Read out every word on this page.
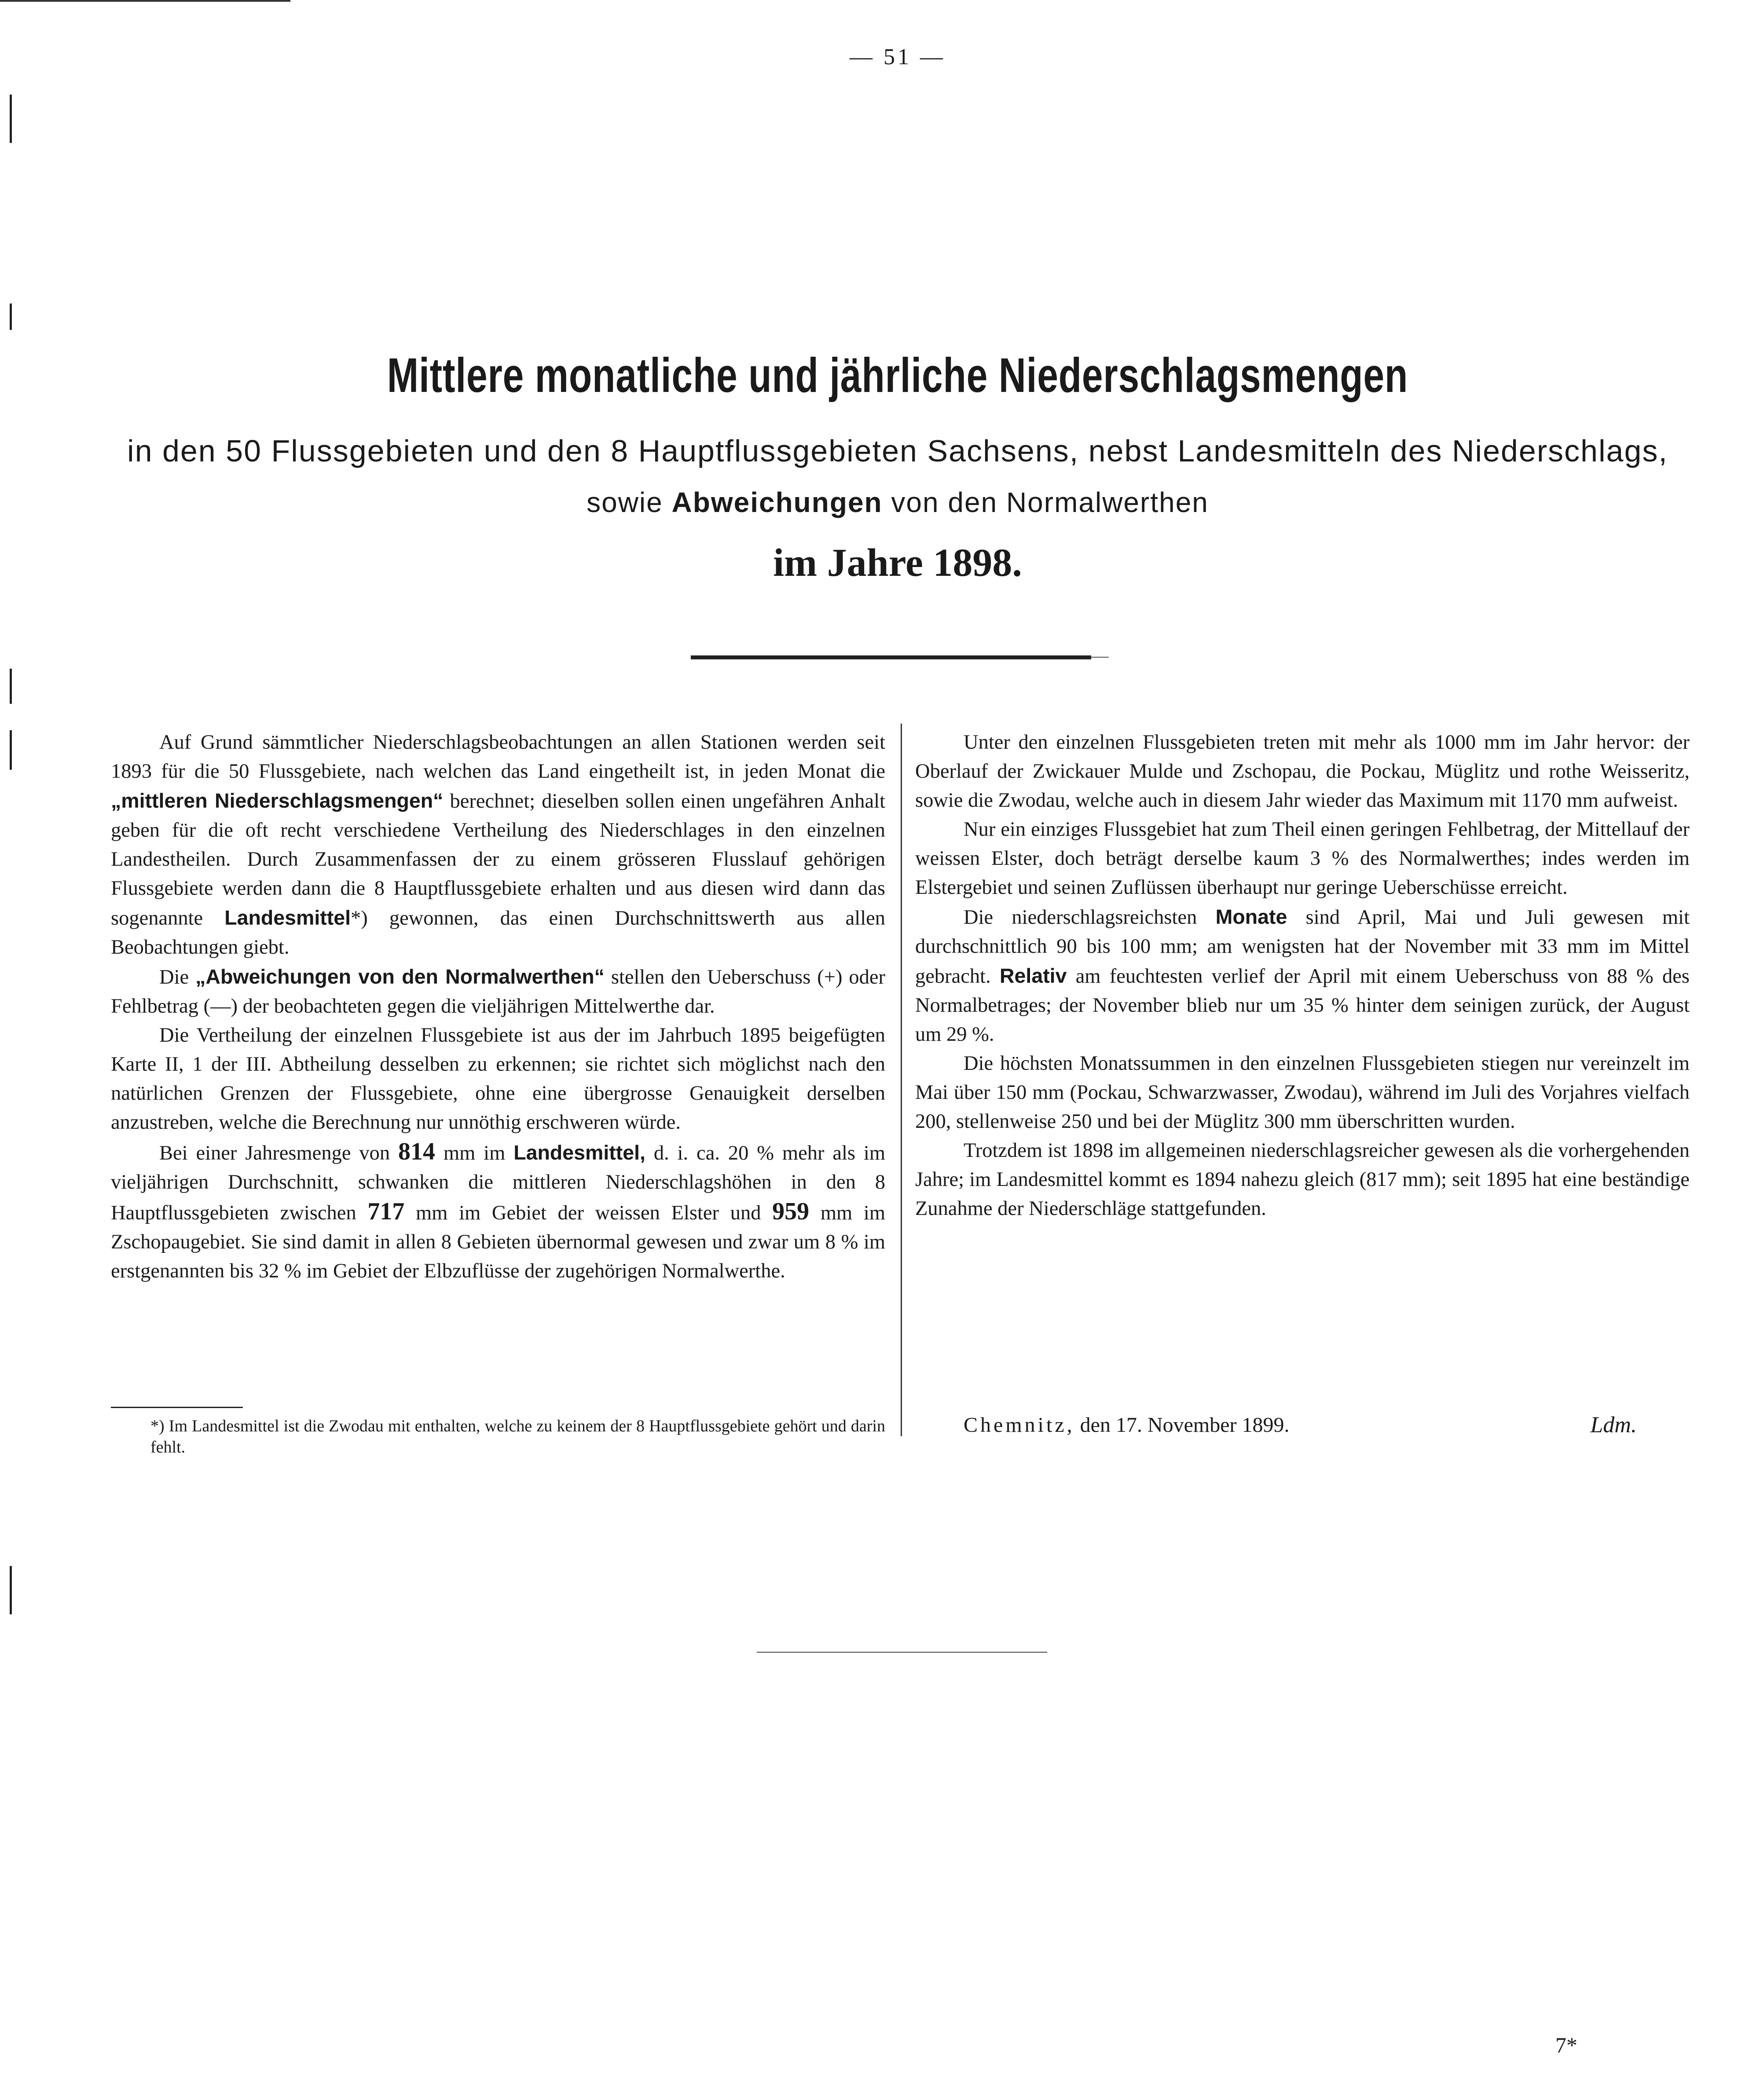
— 51 —
Mittlere monatliche und jährliche Niederschlagsmengen
in den 50 Flussgebieten und den 8 Hauptflussgebieten Sachsens, nebst Landesmitteln des Niederschlags,
sowie Abweichungen von den Normalwerthen
im Jahre 1898.

Auf Grund sämmtlicher Niederschlagsbeobachtungen an allen Stationen werden seit 1893 für die 50 Flussgebiete, nach welchen das Land eingetheilt ist, in jeden Monat die „mittleren Niederschlagsmengen“ berechnet; dieselben sollen einen ungefähren Anhalt geben für die oft recht verschiedene Vertheilung des Niederschlages in den einzelnen Landestheilen. Durch Zusammenfassen der zu einem grösseren Flusslauf gehörigen Flussgebiete werden dann die 8 Hauptflussgebiete erhalten und aus diesen wird dann das sogenannte Landesmittel*) gewonnen, das einen Durchschnittswerth aus allen Beobachtungen giebt.

Die „Abweichungen von den Normalwerthen“ stellen den Ueberschuss (+) oder Fehlbetrag (—) der beobachteten gegen die vieljährigen Mittelwerthe dar.

Die Vertheilung der einzelnen Flussgebiete ist aus der im Jahrbuch 1895 beigefügten Karte II, 1 der III. Abtheilung desselben zu erkennen; sie richtet sich möglichst nach den natürlichen Grenzen der Flussgebiete, ohne eine übergrosse Genauigkeit derselben anzustreben, welche die Berechnung nur unnöthig erschweren würde.

Bei einer Jahresmenge von 814 mm im Landesmittel, d. i. ca. 20 % mehr als im vieljährigen Durchschnitt, schwanken die mittleren Niederschlagshöhen in den 8 Hauptflussgebieten zwischen 717 mm im Gebiet der weissen Elster und 959 mm im Zschopaugebiet. Sie sind damit in allen 8 Gebieten übernormal gewesen und zwar um 8 % im erstgenannten bis 32 % im Gebiet der Elbzuflüsse der zugehörigen Normalwerthe.

*) Im Landesmittel ist die Zwodau mit enthalten, welche zu keinem der 8 Hauptflussgebiete gehört und darin fehlt.

Unter den einzelnen Flussgebieten treten mit mehr als 1000 mm im Jahr hervor: der Oberlauf der Zwickauer Mulde und Zschopau, die Pockau, Müglitz und rothe Weisseritz, sowie die Zwodau, welche auch in diesem Jahr wieder das Maximum mit 1170 mm aufweist.

Nur ein einziges Flussgebiet hat zum Theil einen geringen Fehlbetrag, der Mittellauf der weissen Elster, doch beträgt derselbe kaum 3 % des Normalwerthes; indes werden im Elstergebiet und seinen Zuflüssen überhaupt nur geringe Ueberschüsse erreicht.

Die niederschlagsreichsten Monate sind April, Mai und Juli gewesen mit durchschnittlich 90 bis 100 mm; am wenigsten hat der November mit 33 mm im Mittel gebracht. Relativ am feuchtesten verlief der April mit einem Ueberschuss von 88 % des Normalbetrages; der November blieb nur um 35 % hinter dem seinigen zurück, der August um 29 %.

Die höchsten Monatssummen in den einzelnen Flussgebieten stiegen nur vereinzelt im Mai über 150 mm (Pockau, Schwarzwasser, Zwodau), während im Juli des Vorjahres vielfach 200, stellenweise 250 und bei der Müglitz 300 mm überschritten wurden.

Trotzdem ist 1898 im allgemeinen niederschlagsreicher gewesen als die vorhergehenden Jahre; im Landesmittel kommt es 1894 nahezu gleich (817 mm); seit 1895 hat eine beständige Zunahme der Niederschläge stattgefunden.

Chemnitz, den 17. November 1899.	Ldm.
7*
